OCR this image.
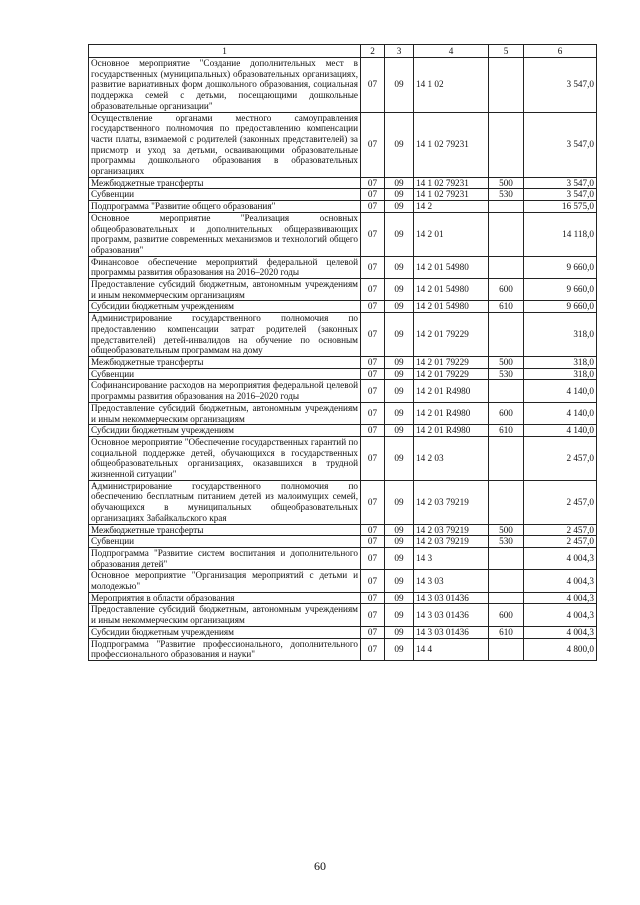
1	2	3	4	5	6
Основное мероприятие "Создание дополнительных мест в государственных (муниципальных) образовательных организациях, развитие вариативных форм дошкольного образования, социальная поддержка семей с детьми, посещающими дошкольные образовательные организации"	07	09	14 1 02		3 547,0
Осуществление органами местного самоуправления государственного полномочия по предоставлению компенсации части платы, взимаемой с родителей (законных представителей) за присмотр и уход за детьми, осваивающими образовательные программы дошкольного образования в образовательных организациях	07	09	14 1 02 79231		3 547,0
Межбюджетные трансферты	07	09	14 1 02 79231	500	3 547,0
Субвенции	07	09	14 1 02 79231	530	3 547,0
Подпрограмма "Развитие общего образования"	07	09	14 2		16 575,0
Основное мероприятие "Реализация основных общеобразовательных и дополнительных общеразвивающих программ, развитие современных механизмов и технологий общего образования"	07	09	14 2 01		14 118,0
Финансовое обеспечение мероприятий федеральной целевой программы развития образования на 2016–2020 годы	07	09	14 2 01 54980		9 660,0
Предоставление субсидий бюджетным, автономным учреждениям и иным некоммерческим организациям	07	09	14 2 01 54980	600	9 660,0
Субсидии бюджетным учреждениям	07	09	14 2 01 54980	610	9 660,0
Администрирование государственного полномочия по предоставлению компенсации затрат родителей (законных представителей) детей-инвалидов на обучение по основным общеобразовательным программам на дому	07	09	14 2 01 79229		318,0
Межбюджетные трансферты	07	09	14 2 01 79229	500	318,0
Субвенции	07	09	14 2 01 79229	530	318,0
Софинансирование расходов на мероприятия федеральной целевой программы развития образования на 2016–2020 годы	07	09	14 2 01 R4980		4 140,0
Предоставление субсидий бюджетным, автономным учреждениям и иным некоммерческим организациям	07	09	14 2 01 R4980	600	4 140,0
Субсидии бюджетным учреждениям	07	09	14 2 01 R4980	610	4 140,0
Основное мероприятие "Обеспечение государственных гарантий по социальной поддержке детей, обучающихся в государственных общеобразовательных организациях, оказавшихся в трудной жизненной ситуации"	07	09	14 2 03		2 457,0
Администрирование государственного полномочия по обеспечению бесплатным питанием детей из малоимущих семей, обучающихся в муниципальных общеобразовательных организациях Забайкальского края	07	09	14 2 03 79219		2 457,0
Межбюджетные трансферты	07	09	14 2 03 79219	500	2 457,0
Субвенции	07	09	14 2 03 79219	530	2 457,0
Подпрограмма "Развитие систем воспитания и дополнительного образования детей"	07	09	14 3		4 004,3
Основное мероприятие "Организация мероприятий с детьми и молодежью"	07	09	14 3 03		4 004,3
Мероприятия в области образования	07	09	14 3 03 01436		4 004,3
Предоставление субсидий бюджетным, автономным учреждениям и иным некоммерческим организациям	07	09	14 3 03 01436	600	4 004,3
Субсидии бюджетным учреждениям	07	09	14 3 03 01436	610	4 004,3
Подпрограмма "Развитие профессионального, дополнительного профессионального образования и науки"	07	09	14 4		4 800,0
60
